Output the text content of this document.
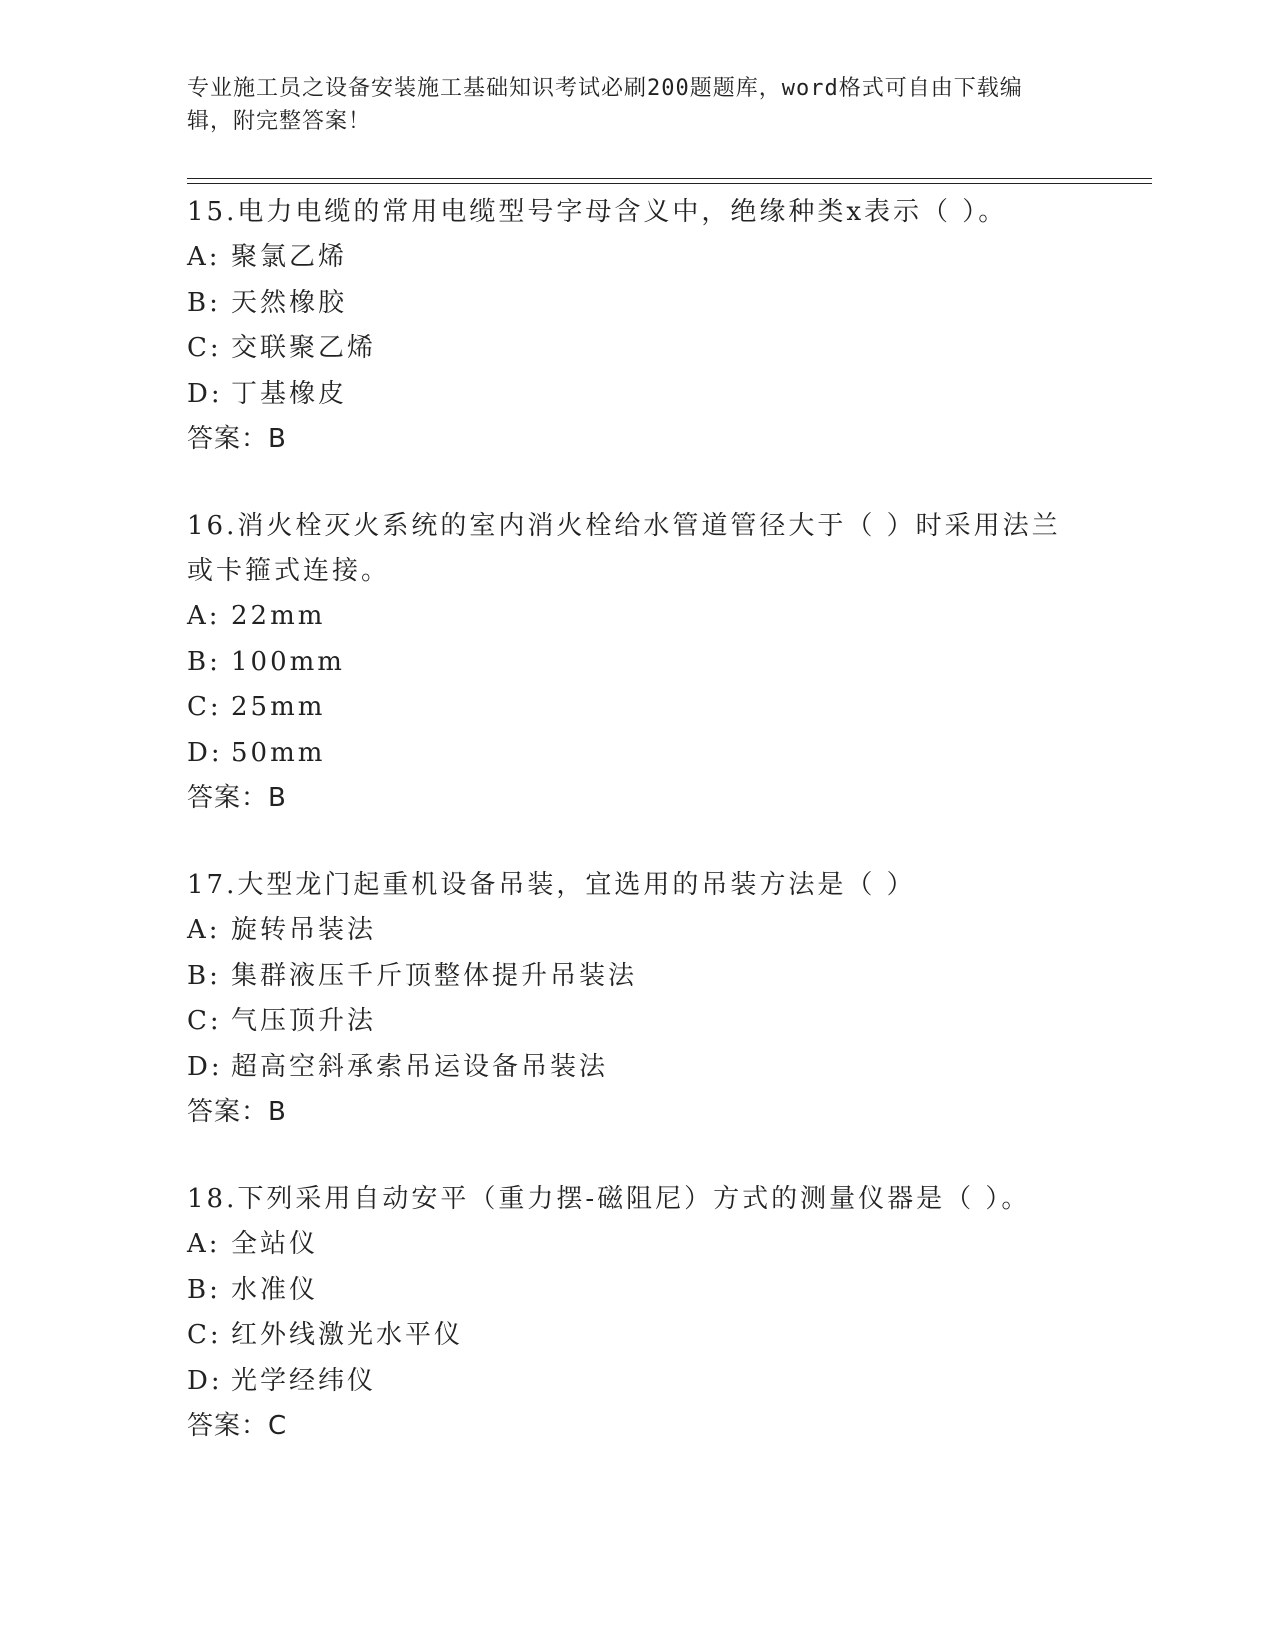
专业施工员之设备安装施工基础知识考试必刷200题题库，word格式可自由下载编辑，附完整答案！

15.电力电缆的常用电缆型号字母含义中，绝缘种类x表示（ ）。

A: 聚氯乙烯
B: 天然橡胶
C: 交联聚乙烯
D: 丁基橡皮
答案：B

16.消火栓灭火系统的室内消火栓给水管道管径大于（ ）时采用法兰或卡箍式连接。

A: 22mm
B: 100mm
C: 25mm
D: 50mm
答案：B

17.大型龙门起重机设备吊装，宜选用的吊装方法是（ ）

A: 旋转吊装法
B: 集群液压千斤顶整体提升吊装法
C: 气压顶升法
D: 超高空斜承索吊运设备吊装法
答案：B

18.下列采用自动安平（重力摆-磁阻尼）方式的测量仪器是（ ）。

A: 全站仪
B: 水准仪
C: 红外线激光水平仪
D: 光学经纬仪
答案：C
